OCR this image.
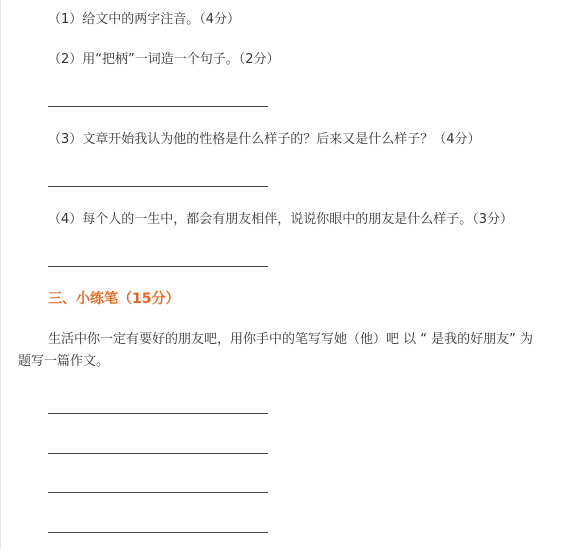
（1）给文中的两字注音。（4分）
（2）用“把柄”一词造一个句子。（2分）
（3）文章开始我认为他的性格是什么样子的？后来又是什么样子？（4分）
（4）每个人的一生中，都会有朋友相伴，说说你眼中的朋友是什么样子。（3分）
三、小练笔（15分）
生活中你一定有要好的朋友吧，用你手中的笔写写她（他）吧 以 “ 是我的好朋友” 为
题写一篇作文。
